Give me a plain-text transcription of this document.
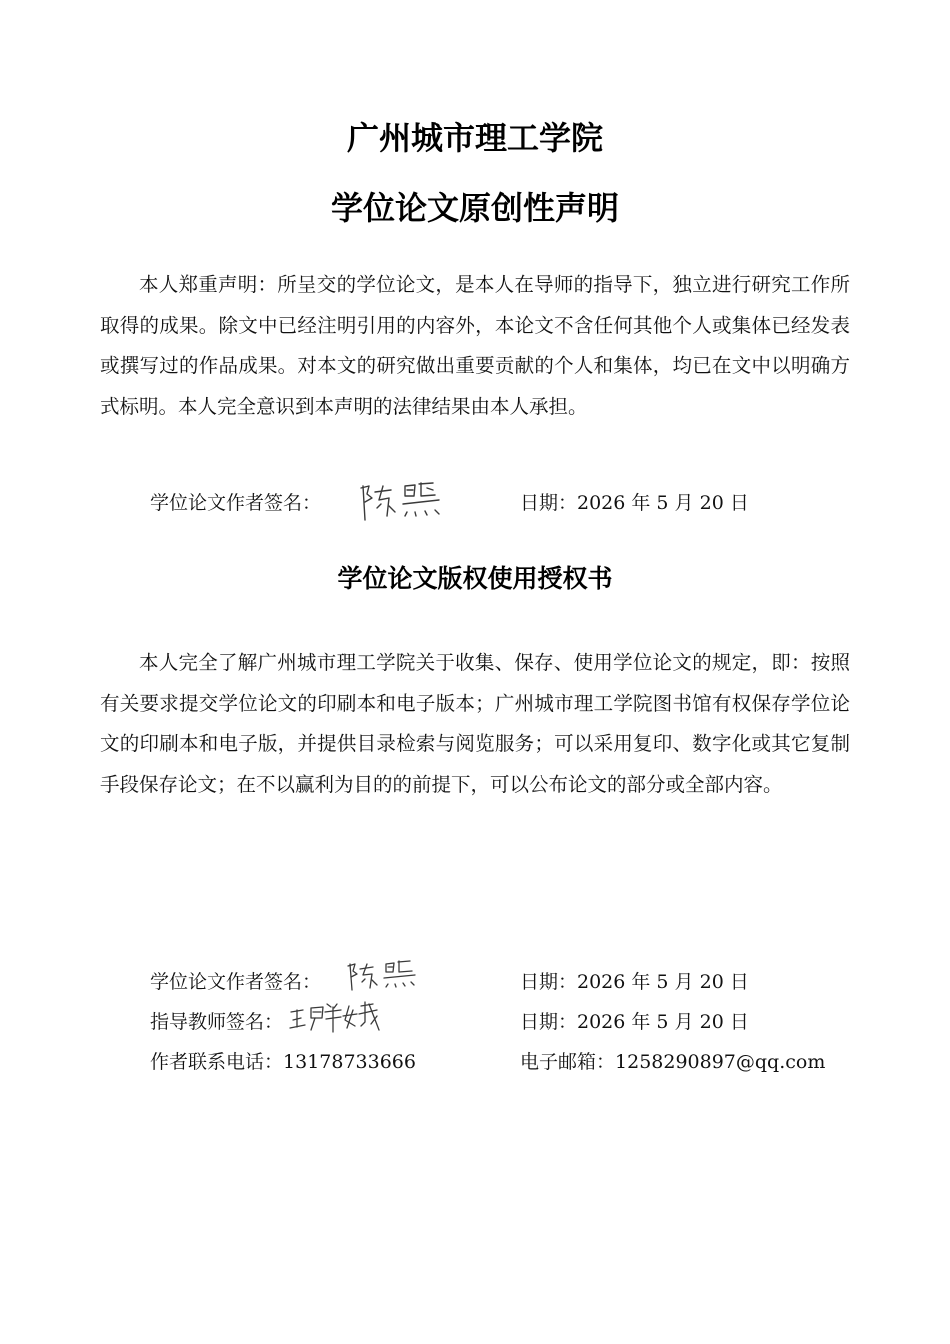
广州城市理工学院
学位论文原创性声明

本人郑重声明：所呈交的学位论文，是本人在导师的指导下，独立进行研究工作所取得的成果。除文中已经注明引用的内容外，本论文不含任何其他个人或集体已经发表或撰写过的作品成果。对本文的研究做出重要贡献的个人和集体，均已在文中以明确方式标明。本人完全意识到本声明的法律结果由本人承担。

学位论文作者签名：	日期：2026 年 5 月 20 日
学位论文版权使用授权书

本人完全了解广州城市理工学院关于收集、保存、使用学位论文的规定，即：按照有关要求提交学位论文的印刷本和电子版本；广州城市理工学院图书馆有权保存学位论文的印刷本和电子版，并提供目录检索与阅览服务；可以采用复印、数字化或其它复制手段保存论文；在不以赢利为目的的前提下，可以公布论文的部分或全部内容。

学位论文作者签名：	日期：2026 年 5 月 20 日
指导教师签名：	日期：2026 年 5 月 20 日
作者联系电话：13178733666	电子邮箱：1258290897@qq.com
